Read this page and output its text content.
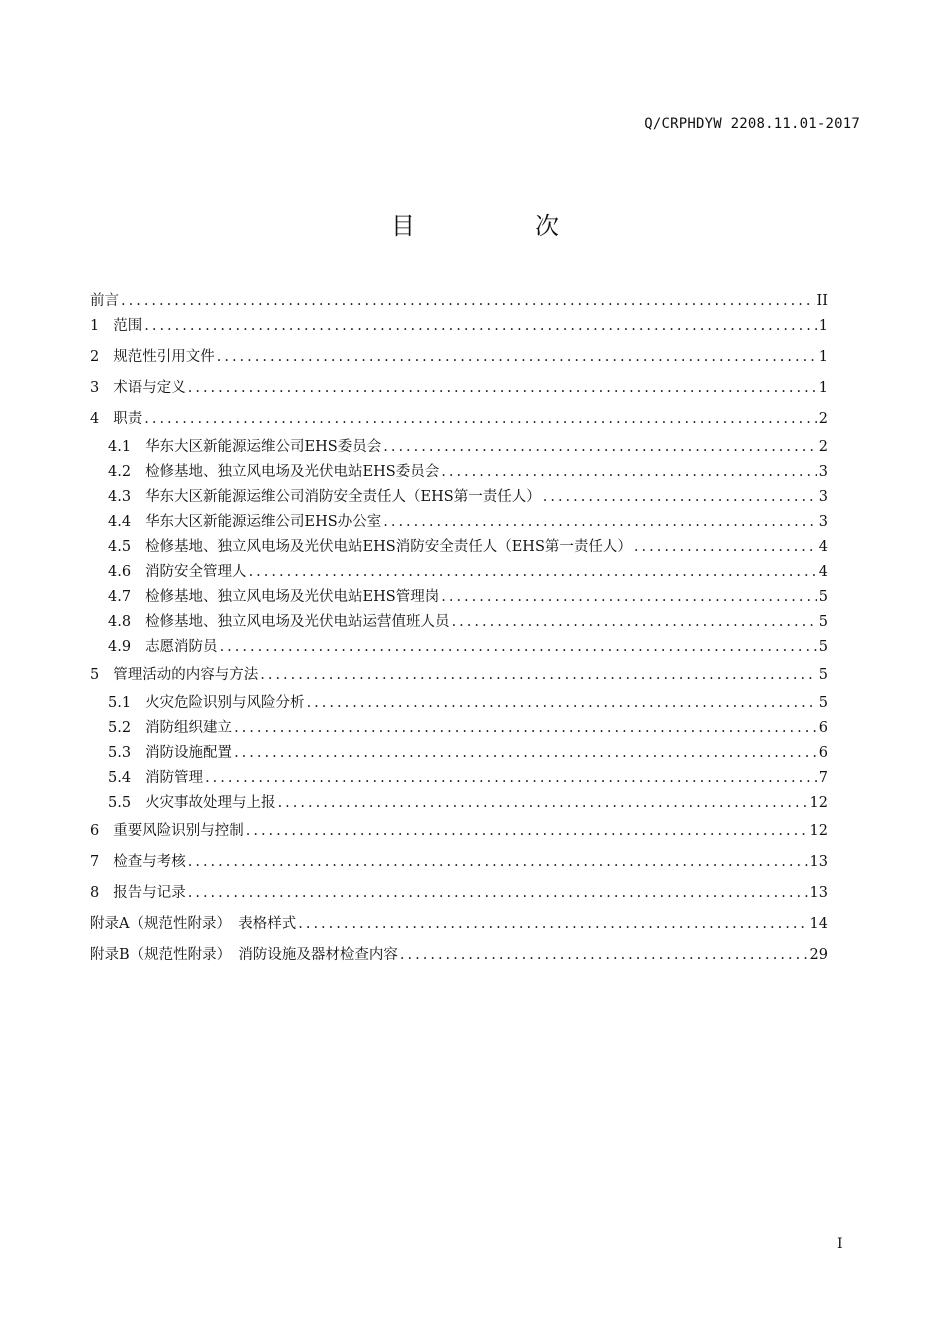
Q/CRPHDYW 2208.11.01-2017
目　次
前言 .....	II
1 范围 .....	1
2 规范性引用文件 .....	1
3 术语与定义 .....	1
4 职责 .....	2
4.1 华东大区新能源运维公司EHS委员会 .....	2
4.2 检修基地、独立风电场及光伏电站EHS委员会 .....	3
4.3 华东大区新能源运维公司消防安全责任人（EHS第一责任人） .....	3
4.4 华东大区新能源运维公司EHS办公室 .....	3
4.5 检修基地、独立风电场及光伏电站EHS消防安全责任人（EHS第一责任人） .....	4
4.6 消防安全管理人 .....	4
4.7 检修基地、独立风电场及光伏电站EHS管理岗 .....	5
4.8 检修基地、独立风电场及光伏电站运营值班人员 .....	5
4.9 志愿消防员 .....	5
5 管理活动的内容与方法 .....	5
5.1 火灾危险识别与风险分析 .....	5
5.2 消防组织建立 .....	6
5.3 消防设施配置 .....	6
5.4 消防管理 .....	7
5.5 火灾事故处理与上报 .....	12
6 重要风险识别与控制 .....	12
7 检查与考核 .....	13
8 报告与记录 .....	13
附录A（规范性附录）　表格样式 .....	14
附录B（规范性附录）　消防设施及器材检查内容 .....	29
I
